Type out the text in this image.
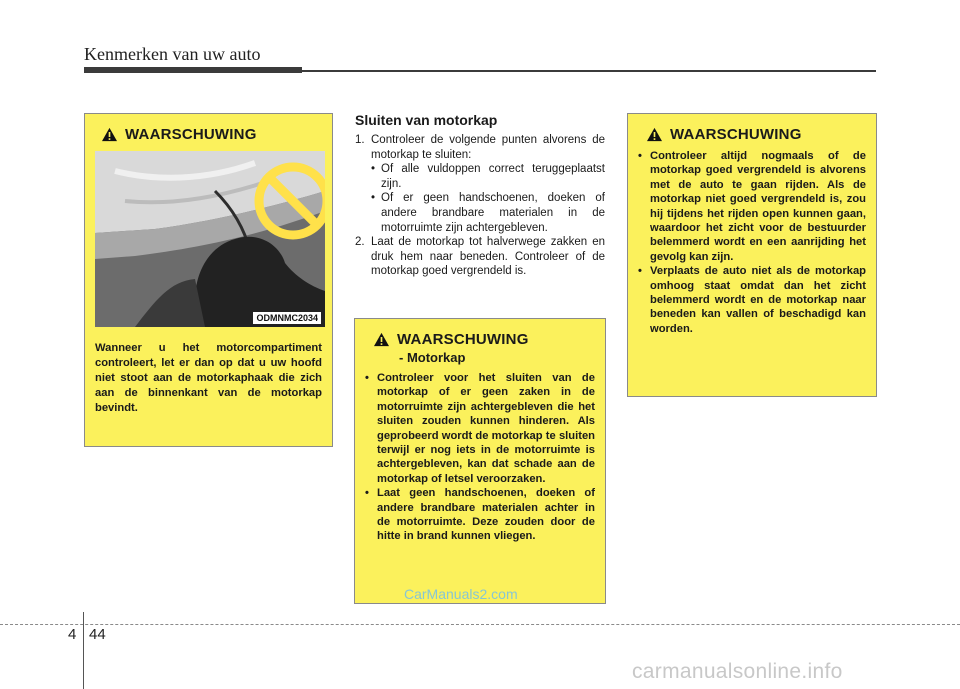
Kenmerken van uw auto
WAARSCHUWING
ODMNMC2034
Wanneer u het motorcompartiment controleert, let er dan op dat u uw hoofd niet stoot aan de motorkaphaak die zich aan de binnenkant van de motorkap bevindt.
Sluiten van motorkap
1. Controleer de volgende punten alvorens de motorkap te sluiten:
• Of alle vuldoppen correct teruggeplaatst zijn.
• Of er geen handschoenen, doeken of andere brandbare materialen in de motorruimte zijn achtergebleven.
2. Laat de motorkap tot halverwege zakken en druk hem naar beneden. Controleer of de motorkap goed vergrendeld is.
WAARSCHUWING
- Motorkap
• Controleer voor het sluiten van de motorkap of er geen zaken in de motorruimte zijn achtergebleven die het sluiten zouden kunnen hinderen. Als geprobeerd wordt de motorkap te sluiten terwijl er nog iets in de motorruimte is achtergebleven, kan dat schade aan de motorkap of letsel veroorzaken.
• Laat geen handschoenen, doeken of andere brandbare materialen achter in de motorruimte. Deze zouden door de hitte in brand kunnen vliegen.
WAARSCHUWING
• Controleer altijd nogmaals of de motorkap goed vergrendeld is alvorens met de auto te gaan rijden. Als de motorkap niet goed vergrendeld is, zou hij tijdens het rijden open kunnen gaan, waardoor het zicht voor de bestuurder belemmerd wordt en een aanrijding het gevolg kan zijn.
• Verplaats de auto niet als de motorkap omhoog staat omdat dan het zicht belemmerd wordt en de motorkap naar beneden kan vallen of beschadigd kan worden.
CarManuals2.com
4 44
carmanualsonline.info
